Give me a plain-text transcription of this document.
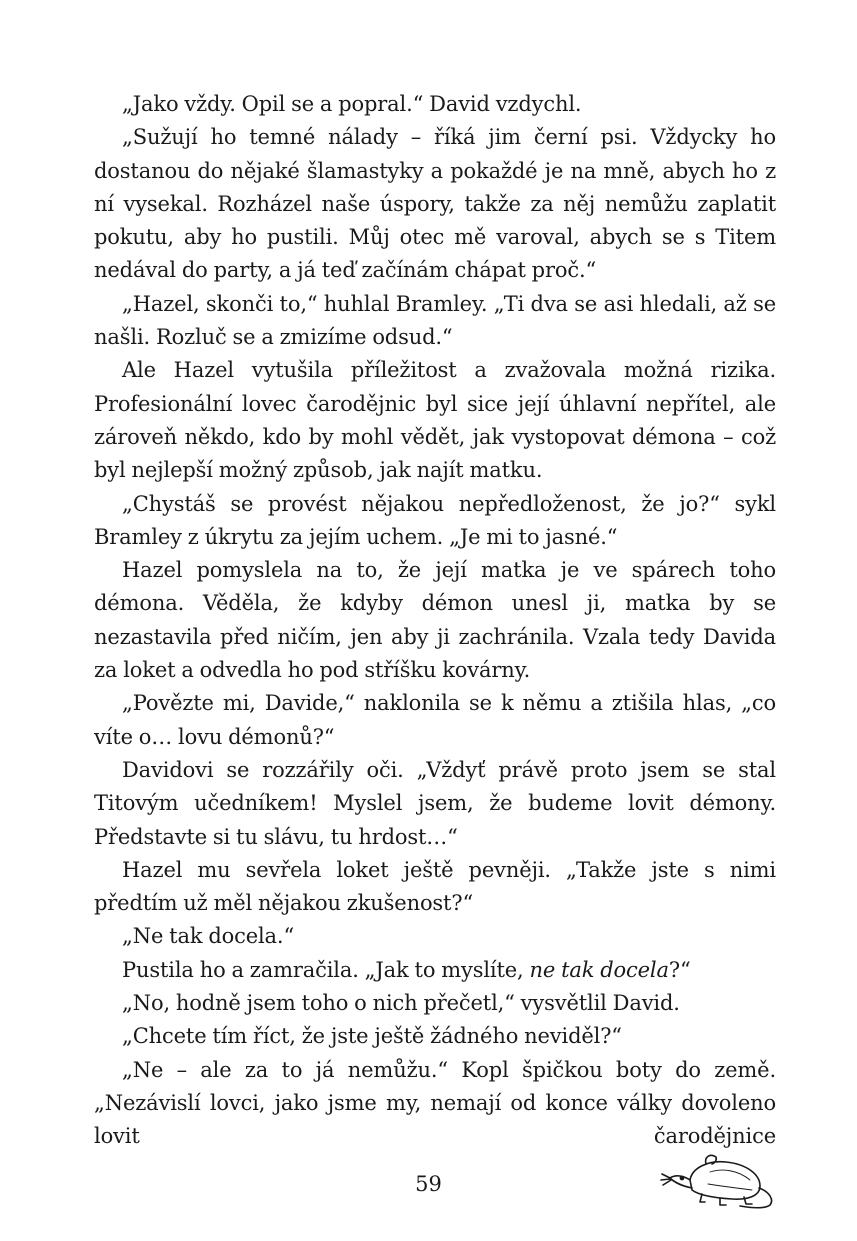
„Jako vždy. Opil se a popral.“ David vzdychl.

„Sužují ho temné nálady – říká jim černí psi. Vždycky ho dostanou do nějaké šlamastyky a pokaždé je na mně, abych ho z ní vysekal. Rozházel naše úspory, takže za něj nemůžu zaplatit pokutu, aby ho pustili. Můj otec mě varoval, abych se s Titem nedával do party, a já teď začínám chápat proč.“

„Hazel, skonči to,“ huhlal Bramley. „Ti dva se asi hledali, až se našli. Rozluč se a zmizíme odsud.“

Ale Hazel vytušila příležitost a zvažovala možná rizika. Profesionální lovec čarodějnic byl sice její úhlavní nepřítel, ale zároveň někdo, kdo by mohl vědět, jak vystopovat démona – což byl nejlepší možný způsob, jak najít matku.

„Chystáš se provést nějakou nepředloženost, že jo?“ sykl Bramley z úkrytu za jejím uchem. „Je mi to jasné.“

Hazel pomyslela na to, že její matka je ve spárech toho démona. Věděla, že kdyby démon unesl ji, matka by se nezastavila před ničím, jen aby ji zachránila. Vzala tedy Davida za loket a odvedla ho pod stříšku kovárny.

„Povězte mi, Davide,“ naklonila se k němu a ztišila hlas, „co víte o… lovu démonů?“

Davidovi se rozzářily oči. „Vždyť právě proto jsem se stal Titovým učedníkem! Myslel jsem, že budeme lovit démony. Představte si tu slávu, tu hrdost…“

Hazel mu sevřela loket ještě pevněji. „Takže jste s nimi předtím už měl nějakou zkušenost?“

„Ne tak docela.“

Pustila ho a zamračila. „Jak to myslíte, ne tak docela?“

„No, hodně jsem toho o nich přečetl,“ vysvětlil David.

„Chcete tím říct, že jste ještě žádného neviděl?“

„Ne – ale za to já nemůžu.“ Kopl špičkou boty do země. „Nezávislí lovci, jako jsme my, nemají od konce války dovoleno lovit čarodějnice

59
